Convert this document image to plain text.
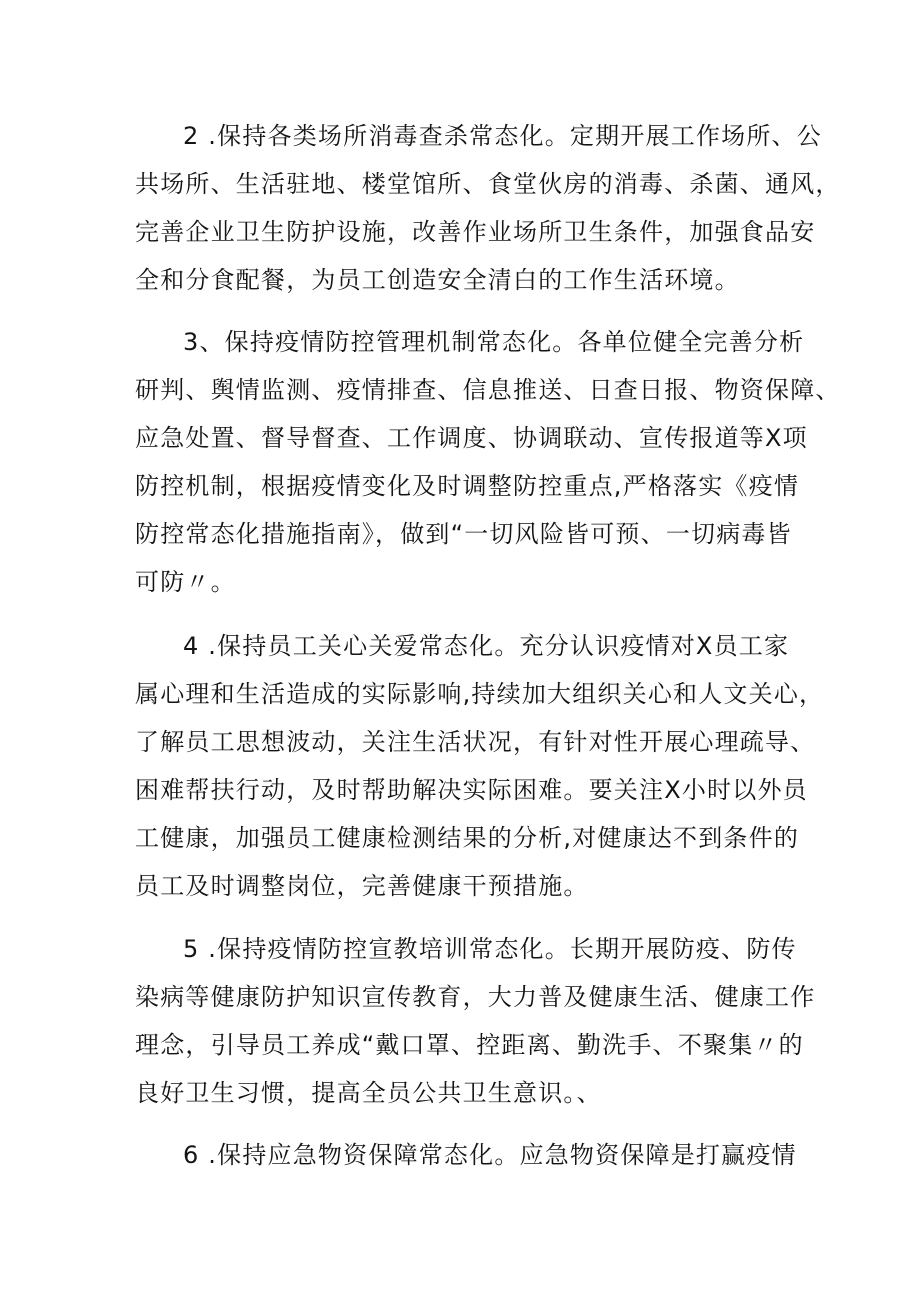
2 .保持各类场所消毒查杀常态化。定期开展工作场所、公
共场所、生活驻地、楼堂馆所、食堂伙房的消毒、杀菌、通风，
完善企业卫生防护设施，改善作业场所卫生条件，加强食品安
全和分食配餐，为员工创造安全清白的工作生活环境。
3、保持疫情防控管理机制常态化。各单位健全完善分析
研判、舆情监测、疫情排查、信息推送、日查日报、物资保障、
应急处置、督导督查、工作调度、协调联动、宣传报道等X项
防控机制，根据疫情变化及时调整防控重点,严格落实《疫情
防控常态化措施指南》，做到“一切风险皆可预、一切病毒皆
可防〃。
4 .保持员工关心关爱常态化。充分认识疫情对X员工家
属心理和生活造成的实际影响,持续加大组织关心和人文关心，
了解员工思想波动，关注生活状况，有针对性开展心理疏导、
困难帮扶行动，及时帮助解决实际困难。要关注X小时以外员
工健康，加强员工健康检测结果的分析,对健康达不到条件的
员工及时调整岗位，完善健康干预措施。
5 .保持疫情防控宣教培训常态化。长期开展防疫、防传
染病等健康防护知识宣传教育，大力普及健康生活、健康工作
理念，引导员工养成“戴口罩、控距离、勤洗手、不聚集〃的
良好卫生习惯，提高全员公共卫生意识。、
6 .保持应急物资保障常态化。应急物资保障是打赢疫情
